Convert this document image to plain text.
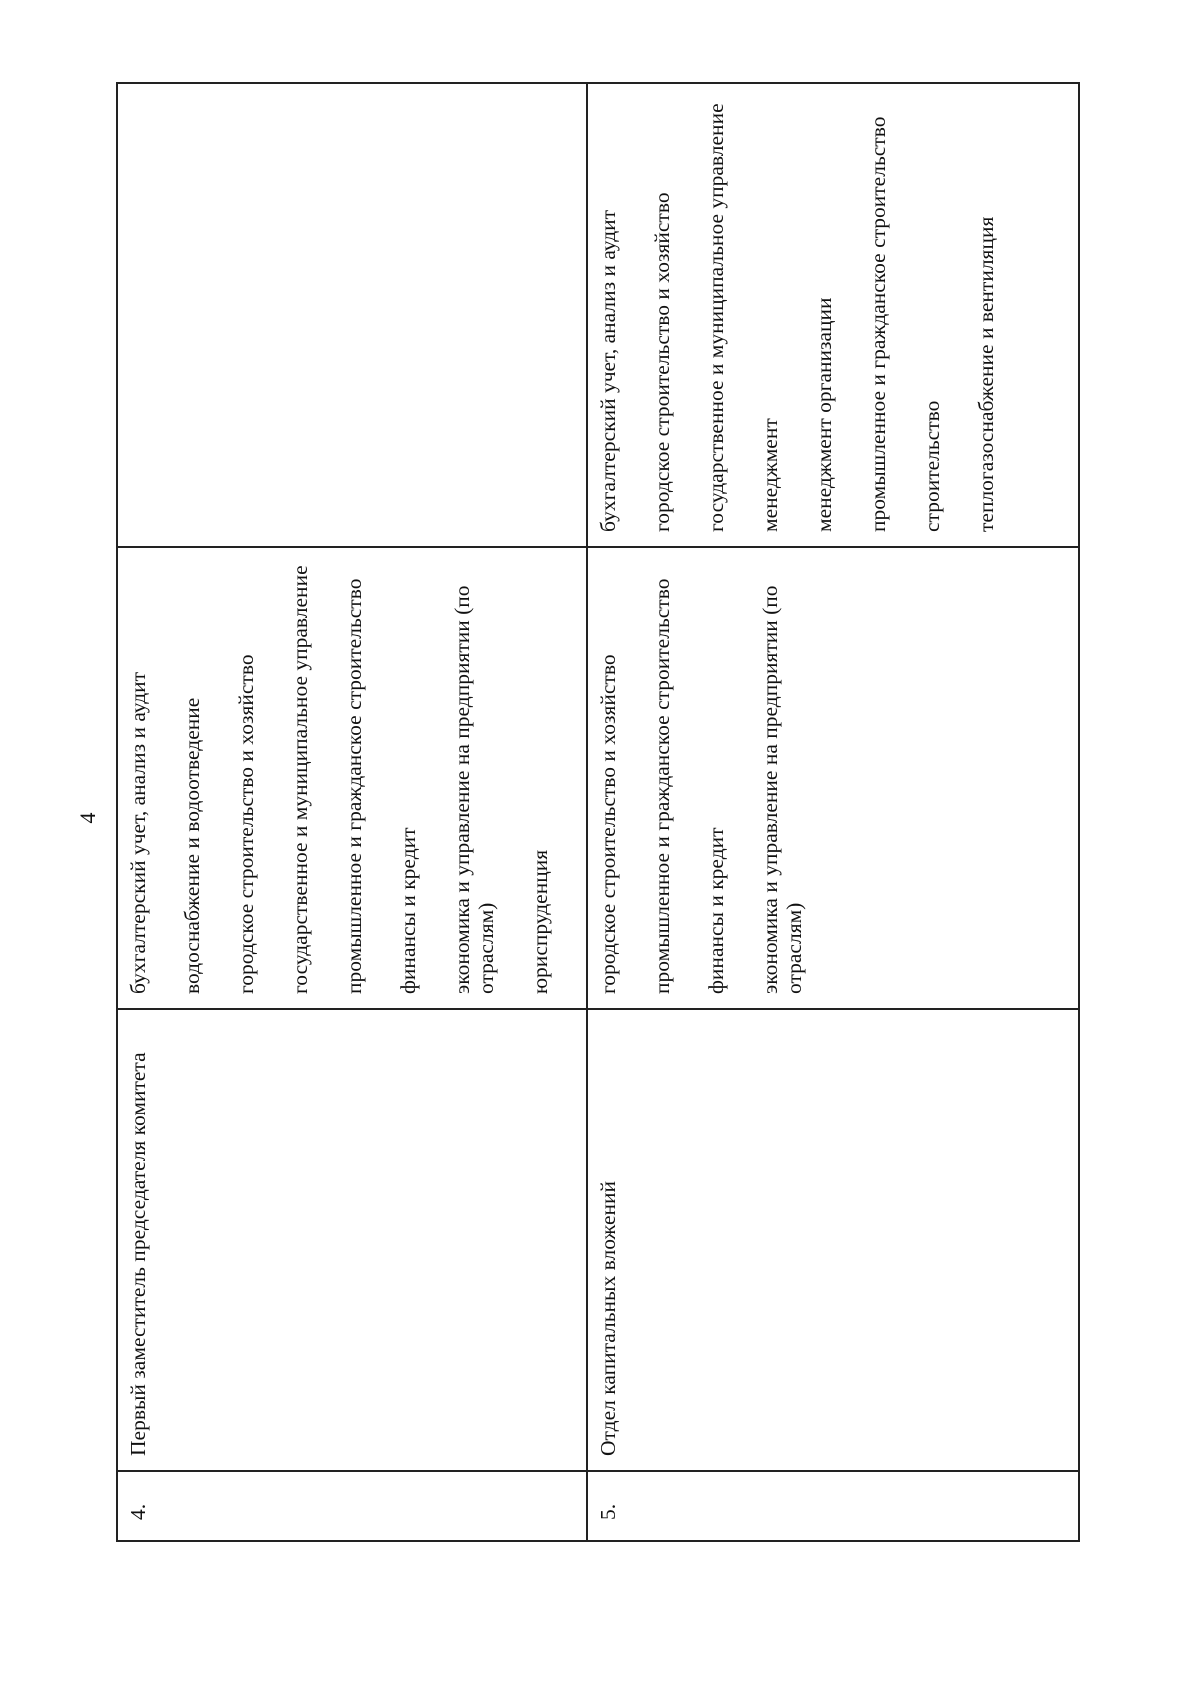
4
4.
Первый заместитель председателя комитета
бухгалтерский учет, анализ и аудит водоснабжение и водоотведение городское строительство и хозяйство государственное и муниципальное управление промышленное и гражданское строительство финансы и кредит экономика и управление на предприятии (по отраслям) юриспруденция
5.
Отдел капитальных вложений
городское строительство и хозяйство промышленное и гражданское строительство финансы и кредит экономика и управление на предприятии (по отраслям)
бухгалтерский учет, анализ и аудит городское строительство и хозяйство государственное и муниципальное управление менеджмент менеджмент организации промышленное и гражданское строительство строительство теплогазоснабжение и вентиляция
